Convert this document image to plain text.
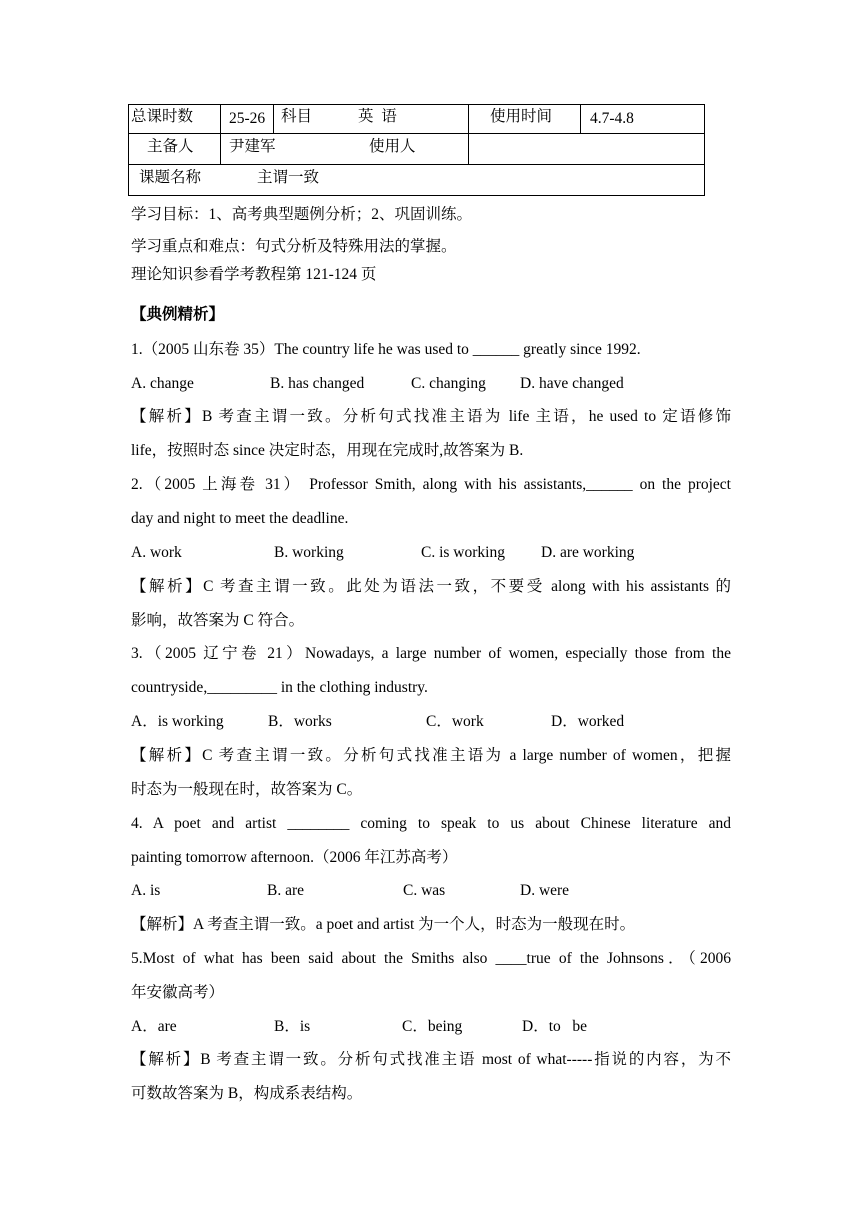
总课时数 25-26 科目	英  语	使用时间 4.7-4.8
主备人 尹建军	使用人
课题名称	主谓一致
学习目标：1、高考典型题例分析；2、巩固训练。
学习重点和难点：句式分析及特殊用法的掌握。
理论知识参看学考教程第 121-124 页
【典例精析】
1.（2005 山东卷 35）The country life he was used to ______ greatly since 1992.
A. change	B. has changed	C. changing D. have changed
【解析】B 考查主谓一致。分析句式找准主语为 life 主语，he used to 定语修饰
life，按照时态 since 决定时态，用现在完成时,故答案为 B.
2.（2005 上海卷 31） Professor Smith, along with his assistants,______ on the project
day and night to meet the deadline.
A. work	B. working	C. is working D. are working
【解析】C 考查主谓一致。此处为语法一致，不要受 along with his assistants 的
影响，故答案为 C 符合。
3.（2005 辽宁卷 21）Nowadays, a large number of women, especially those from the
countryside,_________ in the clothing industry.
A．is working	B．works	C．work	D．worked
【解析】C 考查主谓一致。分析句式找准主语为 a large number of women，把握
时态为一般现在时，故答案为 C。
4. A poet and artist ________ coming to speak to us about Chinese literature and
painting tomorrow afternoon.（2006 年江苏高考）
A. is	B. are	C. was	D. were
【解析】A 考查主谓一致。a poet and artist 为一个人，时态为一般现在时。
5.Most of what has been said about the Smiths also ____true of the Johnsons．（2006
年安徽高考）
A．are	B．is	C．being	D．to   be
【解析】B 考查主谓一致。分析句式找准主语 most of what-----指说的内容，为不
可数故答案为 B，构成系表结构。
